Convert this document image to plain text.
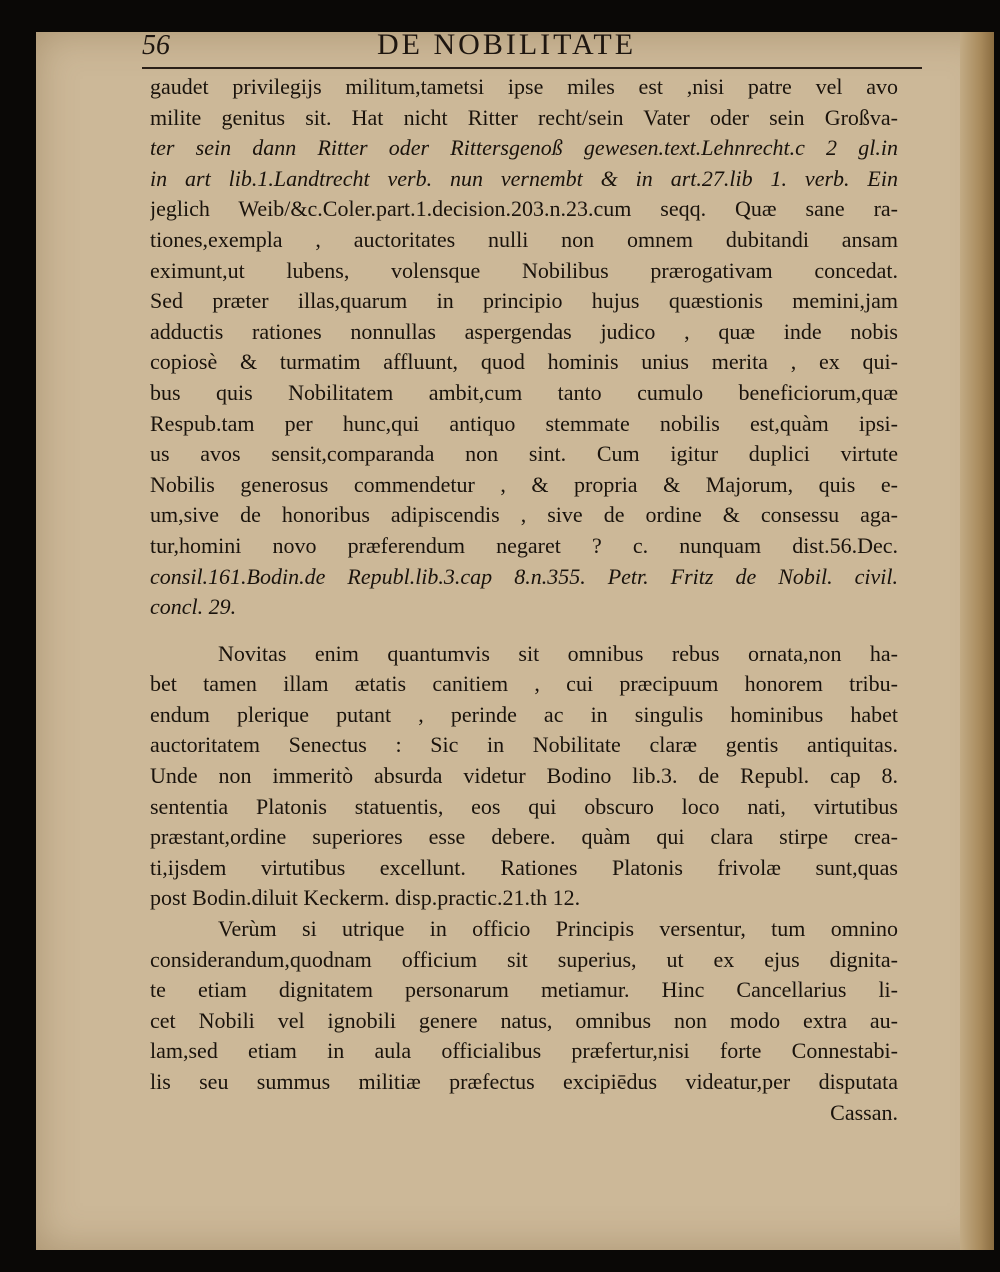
56	DE NOBILITATE
gaudet privilegijs militum,tametsi ipse miles est ,nisi patre vel avo
milite genitus sit. Hat nicht Ritter recht/sein Vater oder sein Großva-
ter sein dann Ritter oder Rittersgenoß gewesen.text.Lehnrecht.c 2 gl.in
in art lib.1.Landtrecht verb. nun vernembt & in art.27.lib 1. verb. Ein
jeglich Weib/&c.Coler.part.1.decision.203.n.23.cum seqq. Quæ sane ra-
tiones,exempla , auctoritates nulli non omnem dubitandi ansam
eximunt,ut lubens, volensque Nobilibus prærogativam concedat.
Sed præter illas,quarum in principio hujus quæstionis memini,jam
adductis rationes nonnullas aspergendas judico , quæ inde nobis
copiosè & turmatim affluunt, quod hominis unius merita , ex qui-
bus quis Nobilitatem ambit,cum tanto cumulo beneficiorum,quæ
Respub.tam per hunc,qui antiquo stemmate nobilis est,quàm ipsi-
us avos sensit,comparanda non sint. Cum igitur duplici virtute
Nobilis generosus commendetur , & propria & Majorum, quis e-
um,sive de honoribus adipiscendis , sive de ordine & consessu aga-
tur,homini novo præferendum negaret ? c. nunquam dist.56.Dec.
consil.161.Bodin.de Republ.lib.3.cap 8.n.355. Petr. Fritz de Nobil. civil.
concl. 29.
Novitas enim quantumvis sit omnibus rebus ornata,non ha-
bet tamen illam ætatis canitiem , cui præcipuum honorem tribu-
endum plerique putant , perinde ac in singulis hominibus habet
auctoritatem Senectus : Sic in Nobilitate claræ gentis antiquitas.
Unde non immeritò absurda videtur Bodino lib.3. de Republ. cap 8.
sententia Platonis statuentis, eos qui obscuro loco nati, virtutibus
præstant,ordine superiores esse debere. quàm qui clara stirpe crea-
ti,ijsdem virtutibus excellunt. Rationes Platonis frivolæ sunt,quas
post Bodin.diluit Keckerm. disp.practic.21.th 12.
Verùm si utrique in officio Principis versentur, tum omnino
considerandum,quodnam officium sit superius, ut ex ejus dignita-
te etiam dignitatem personarum metiamur. Hinc Cancellarius li-
cet Nobili vel ignobili genere natus, omnibus non modo extra au-
lam,sed etiam in aula officialibus præfertur,nisi forte Connestabi-
lis seu summus militiæ præfectus excipiēdus videatur,per disputata
Cassan.
